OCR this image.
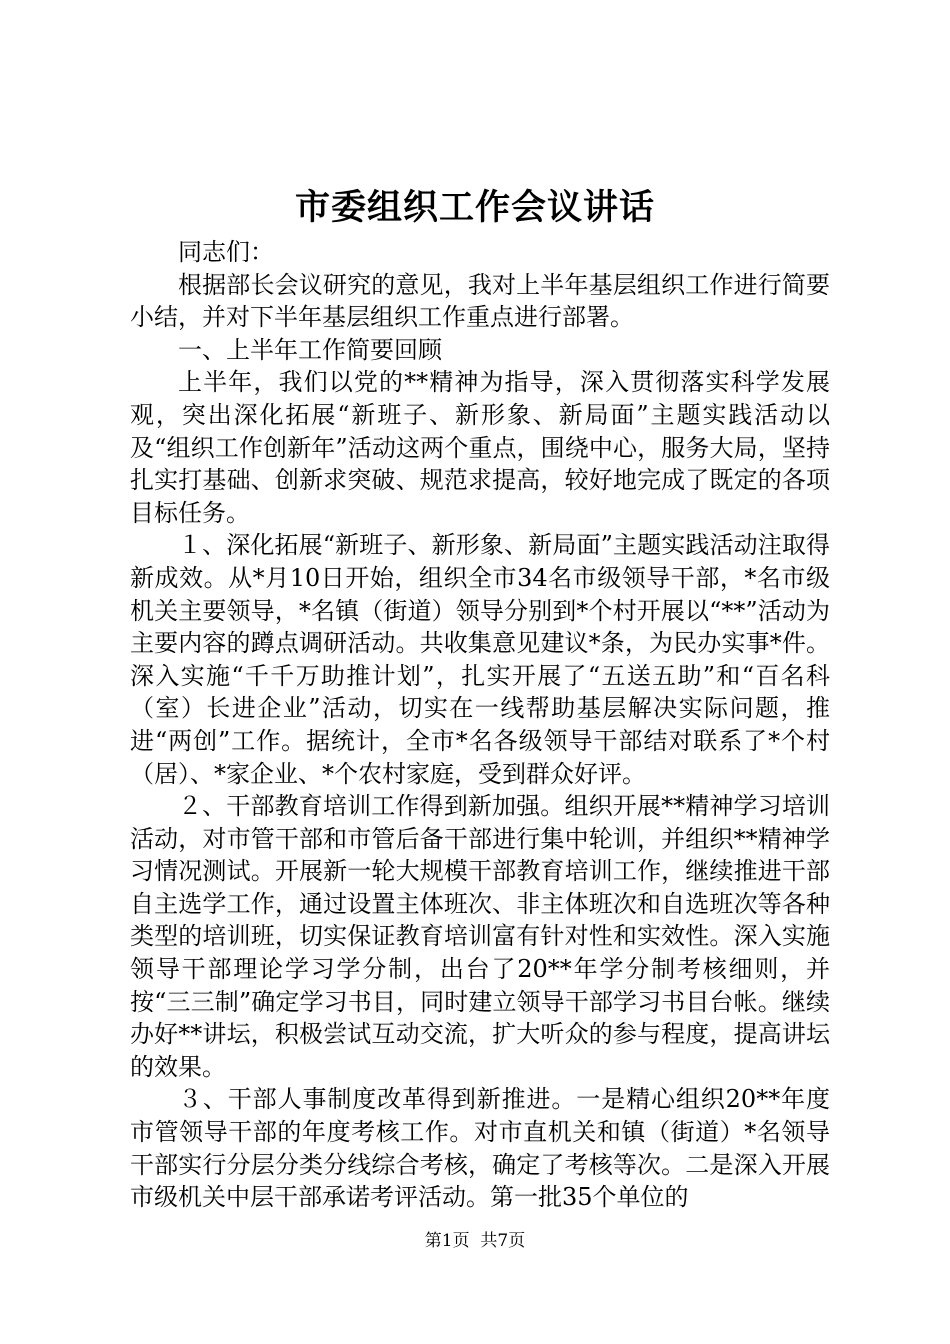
市委组织工作会议讲话

同志们：

根据部长会议研究的意见，我对上半年基层组织工作进行简要小结，并对下半年基层组织工作重点进行部署。

一、上半年工作简要回顾

上半年，我们以党的**精神为指导，深入贯彻落实科学发展观，突出深化拓展“新班子、新形象、新局面”主题实践活动以及“组织工作创新年”活动这两个重点，围绕中心，服务大局，坚持扎实打基础、创新求突破、规范求提高，较好地完成了既定的各项目标任务。

１、深化拓展“新班子、新形象、新局面”主题实践活动注取得新成效。从*月10日开始，组织全市34名市级领导干部，*名市级机关主要领导，*名镇（街道）领导分别到*个村开展以“**”活动为主要内容的蹲点调研活动。共收集意见建议*条，为民办实事*件。深入实施“千千万助推计划”，扎实开展了“五送五助”和“百名科（室）长进企业”活动，切实在一线帮助基层解决实际问题，推进“两创”工作。据统计，全市*名各级领导干部结对联系了*个村（居）、*家企业、*个农村家庭，受到群众好评。

２、干部教育培训工作得到新加强。组织开展**精神学习培训活动，对市管干部和市管后备干部进行集中轮训，并组织**精神学习情况测试。开展新一轮大规模干部教育培训工作，继续推进干部自主选学工作，通过设置主体班次、非主体班次和自选班次等各种类型的培训班，切实保证教育培训富有针对性和实效性。深入实施领导干部理论学习学分制，出台了20**年学分制考核细则，并按“三三制”确定学习书目，同时建立领导干部学习书目台帐。继续办好**讲坛，积极尝试互动交流，扩大听众的参与程度，提高讲坛的效果。

３、干部人事制度改革得到新推进。一是精心组织20**年度市管领导干部的年度考核工作。对市直机关和镇（街道）*名领导干部实行分层分类分线综合考核，确定了考核等次。二是深入开展市级机关中层干部承诺考评活动。第一批35个单位的

第1页  共7页
